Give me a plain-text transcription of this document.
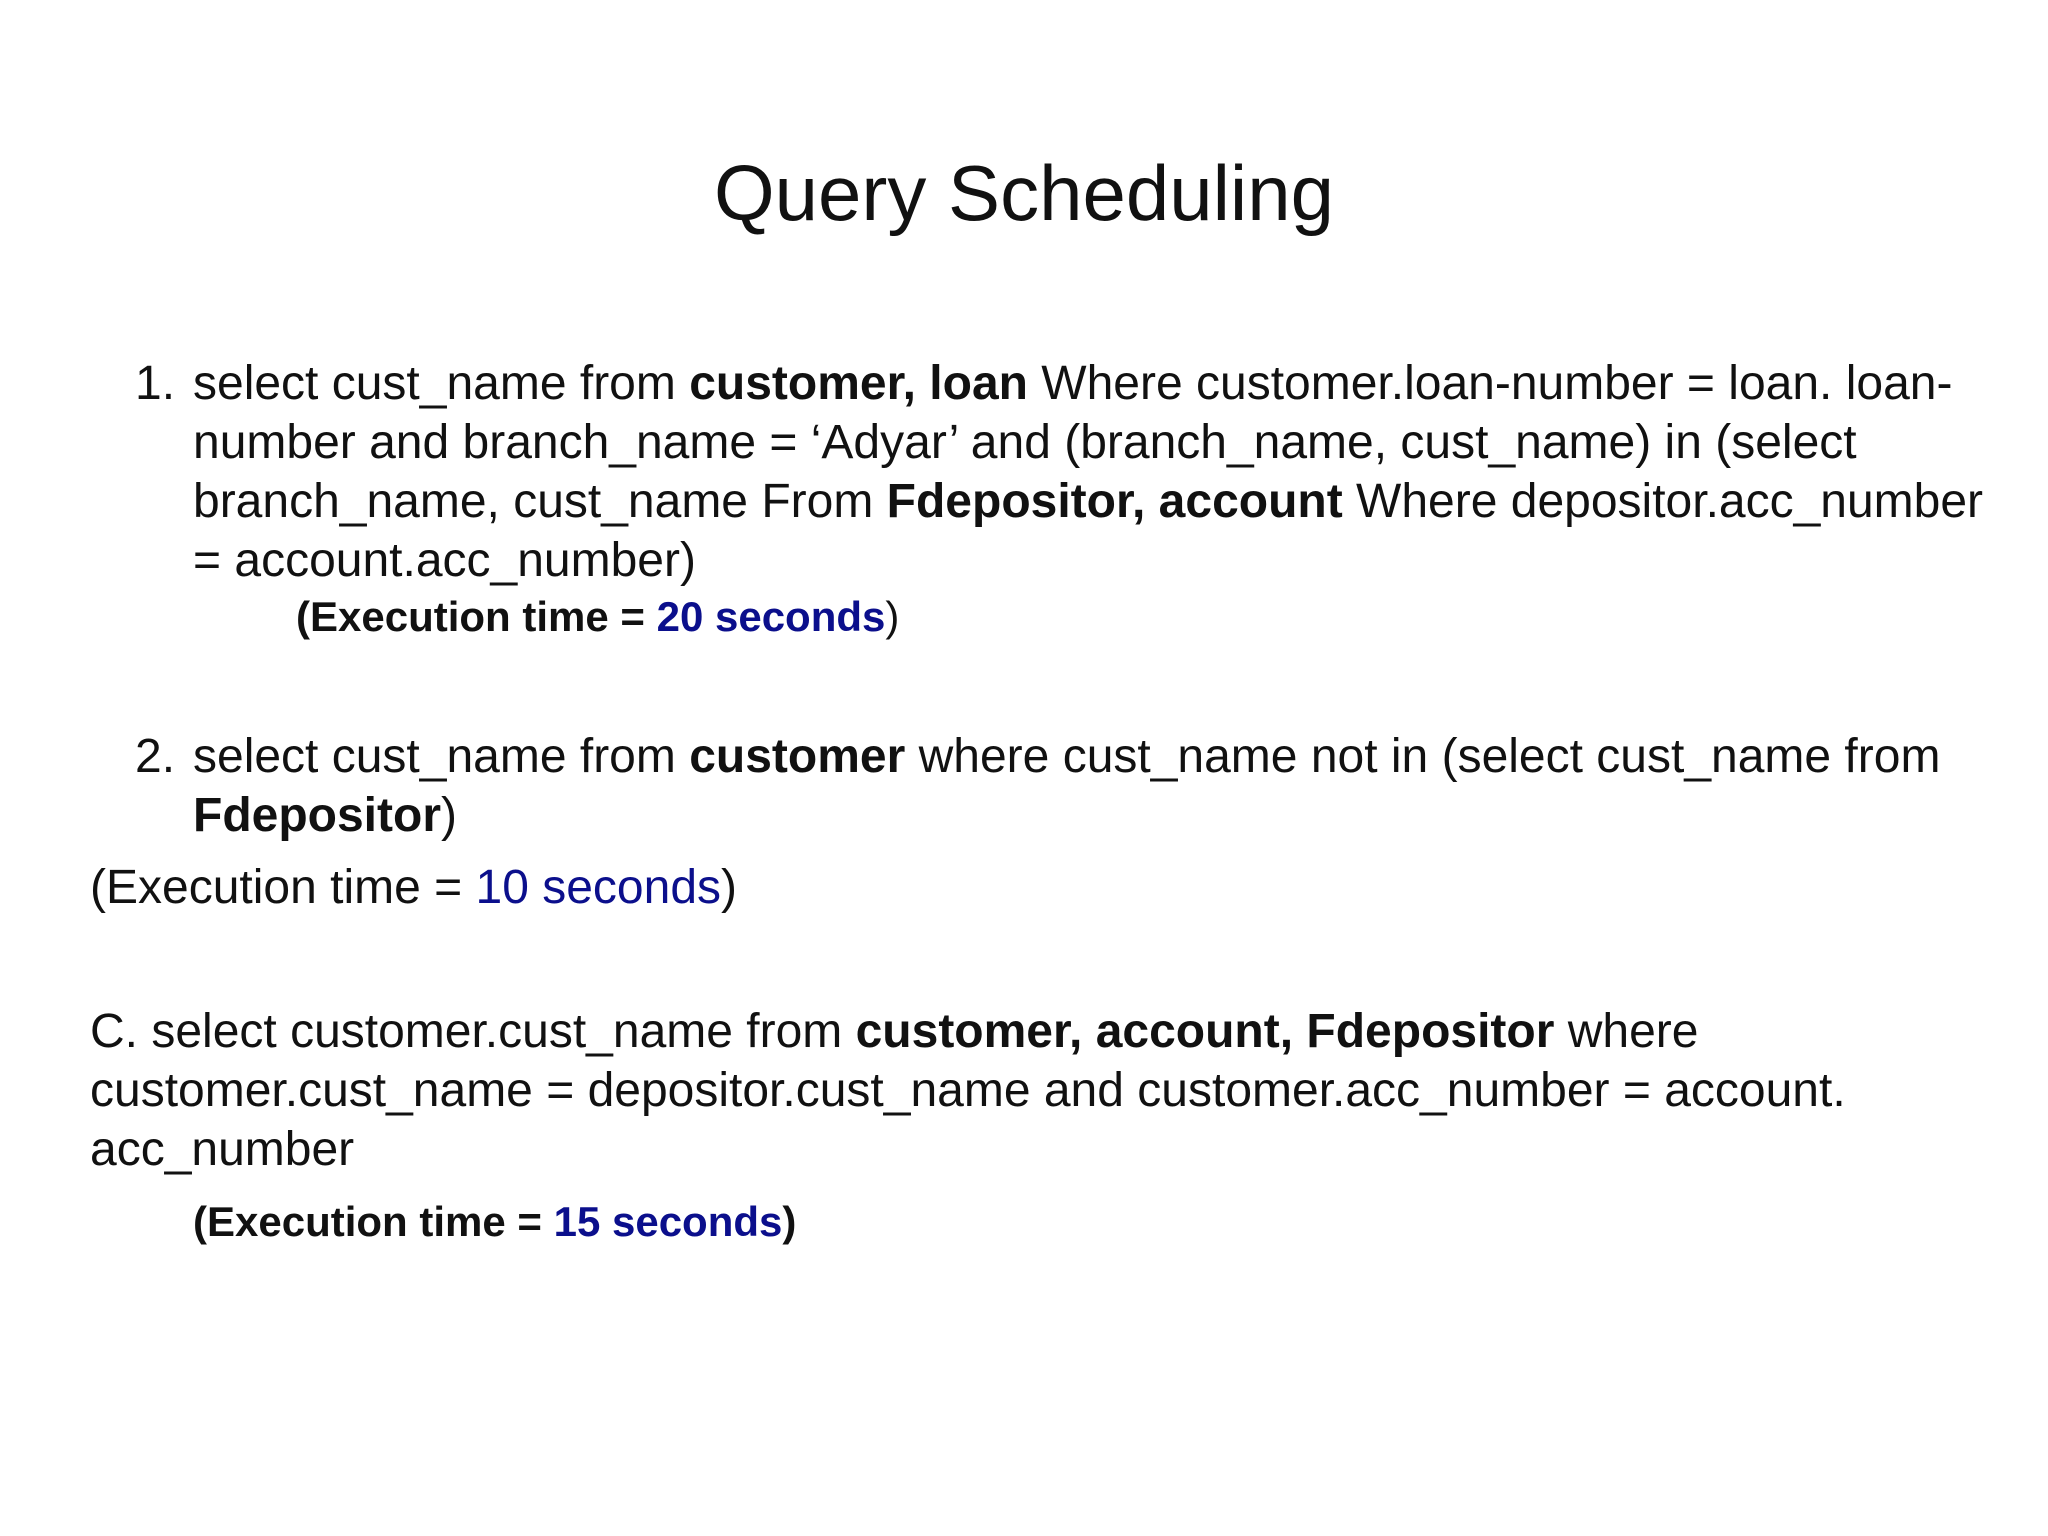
Query Scheduling
1. select cust_name from customer, loan Where customer.loan-number = loan. loan-number and branch_name = ‘Adyar’ and (branch_name, cust_name) in (select branch_name, cust_name From Fdepositor, account Where depositor.acc_number = account.acc_number)
(Execution time = 20 seconds)
2. select cust_name from customer where cust_name not in (select cust_name from Fdepositor)
(Execution time = 10 seconds)
C. select customer.cust_name from customer, account, Fdepositor where customer.cust_name = depositor.cust_name and customer.acc_number = account. acc_number
(Execution time = 15 seconds)
